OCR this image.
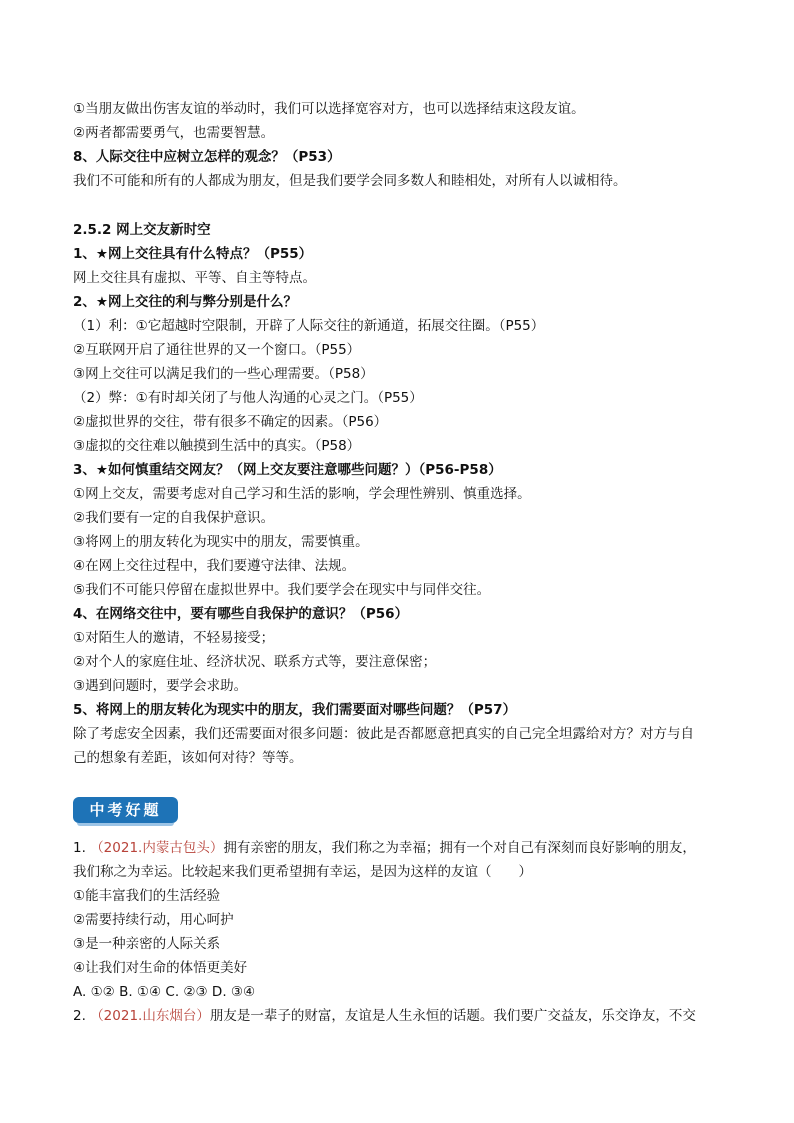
①当朋友做出伤害友谊的举动时，我们可以选择宽容对方，也可以选择结束这段友谊。
②两者都需要勇气，也需要智慧。
8、人际交往中应树立怎样的观念？（P53）
我们不可能和所有的人都成为朋友，但是我们要学会同多数人和睦相处，对所有人以诚相待。
2.5.2 网上交友新时空
1、★网上交往具有什么特点？（P55）
网上交往具有虚拟、平等、自主等特点。
2、★网上交往的利与弊分别是什么？
（1）利：①它超越时空限制，开辟了人际交往的新通道，拓展交往圈。（P55）
②互联网开启了通往世界的又一个窗口。（P55）
③网上交往可以满足我们的一些心理需要。（P58）
（2）弊：①有时却关闭了与他人沟通的心灵之门。（P55）
②虚拟世界的交往，带有很多不确定的因素。（P56）
③虚拟的交往难以触摸到生活中的真实。（P58）
3、★如何慎重结交网友？（网上交友要注意哪些问题？）（P56-P58）
①网上交友，需要考虑对自己学习和生活的影响，学会理性辨别、慎重选择。
②我们要有一定的自我保护意识。
③将网上的朋友转化为现实中的朋友，需要慎重。
④在网上交往过程中，我们要遵守法律、法规。
⑤我们不可能只停留在虚拟世界中。我们要学会在现实中与同伴交往。
4、在网络交往中，要有哪些自我保护的意识？（P56）
①对陌生人的邀请，不轻易接受；
②对个人的家庭住址、经济状况、联系方式等，要注意保密；
③遇到问题时，要学会求助。
5、将网上的朋友转化为现实中的朋友，我们需要面对哪些问题？（P57）
除了考虑安全因素，我们还需要面对很多问题：彼此是否都愿意把真实的自己完全坦露给对方？对方与自
己的想象有差距，该如何对待？等等。
中考好题
1. （2021.内蒙古包头）拥有亲密的朋友，我们称之为幸福；拥有一个对自己有深刻而良好影响的朋友，
我们称之为幸运。比较起来我们更希望拥有幸运，是因为这样的友谊（　　）
①能丰富我们的生活经验
②需要持续行动，用心呵护
③是一种亲密的人际关系
④让我们对生命的体悟更美好
A. ①② B. ①④ C. ②③ D. ③④
2. （2021.山东烟台）朋友是一辈子的财富，友谊是人生永恒的话题。我们要广交益友，乐交诤友，不交
